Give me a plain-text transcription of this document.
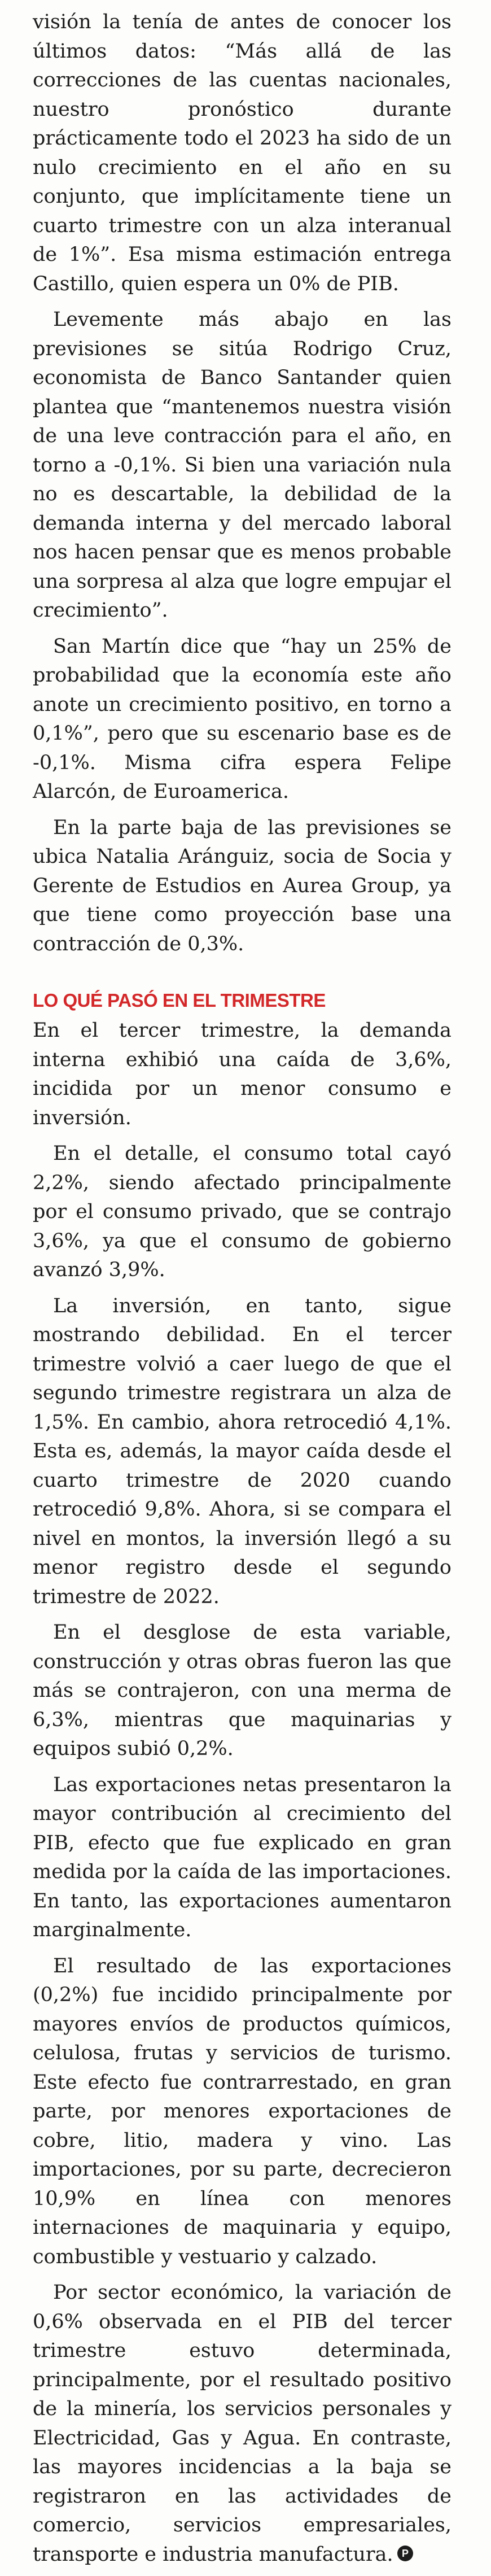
visión la tenía de antes de conocer los últimos datos: “Más allá de las correcciones de las cuentas nacionales, nuestro pronóstico durante prácticamente todo el 2023 ha sido de un nulo crecimiento en el año en su conjunto, que implícitamente tiene un cuarto trimestre con un alza interanual de 1%”. Esa misma estimación entrega Castillo, quien espera un 0% de PIB.

Levemente más abajo en las previsiones se sitúa Rodrigo Cruz, economista de Banco Santander quien plantea que “mantenemos nuestra visión de una leve contracción para el año, en torno a -0,1%. Si bien una variación nula no es descartable, la debilidad de la demanda interna y del mercado laboral nos hacen pensar que es menos probable una sorpresa al alza que logre empujar el crecimiento”.

San Martín dice que “hay un 25% de probabilidad que la economía este año anote un crecimiento positivo, en torno a 0,1%”, pero que su escenario base es de -0,1%. Misma cifra espera Felipe Alarcón, de Euroamerica.

En la parte baja de las previsiones se ubica Natalia Aránguiz, socia de Socia y Gerente de Estudios en Aurea Group, ya que tiene como proyección base una contracción de 0,3%.

LO QUÉ PASÓ EN EL TRIMESTRE

En el tercer trimestre, la demanda interna exhibió una caída de 3,6%, incidida por un menor consumo e inversión.

En el detalle, el consumo total cayó 2,2%, siendo afectado principalmente por el consumo privado, que se contrajo 3,6%, ya que el consumo de gobierno avanzó 3,9%.

La inversión, en tanto, sigue mostrando debilidad. En el tercer trimestre volvió a caer luego de que el segundo trimestre registrara un alza de 1,5%. En cambio, ahora retrocedió 4,1%. Esta es, además, la mayor caída desde el cuarto trimestre de 2020 cuando retrocedió 9,8%. Ahora, si se compara el nivel en montos, la inversión llegó a su menor registro desde el segundo trimestre de 2022.

En el desglose de esta variable, construcción y otras obras fueron las que más se contrajeron, con una merma de 6,3%, mientras que maquinarias y equipos subió 0,2%.

Las exportaciones netas presentaron la mayor contribución al crecimiento del PIB, efecto que fue explicado en gran medida por la caída de las importaciones. En tanto, las exportaciones aumentaron marginalmente.

El resultado de las exportaciones (0,2%) fue incidido principalmente por mayores envíos de productos químicos, celulosa, frutas y servicios de turismo. Este efecto fue contrarrestado, en gran parte, por menores exportaciones de cobre, litio, madera y vino. Las importaciones, por su parte, decrecieron 10,9% en línea con menores internaciones de maquinaria y equipo, combustible y vestuario y calzado.

Por sector económico, la variación de 0,6% observada en el PIB del tercer trimestre estuvo determinada, principalmente, por el resultado positivo de la minería, los servicios personales y Electricidad, Gas y Agua. En contraste, las mayores incidencias a la baja se registraron en las actividades de comercio, servicios empresariales, transporte e industria manufactura. P
